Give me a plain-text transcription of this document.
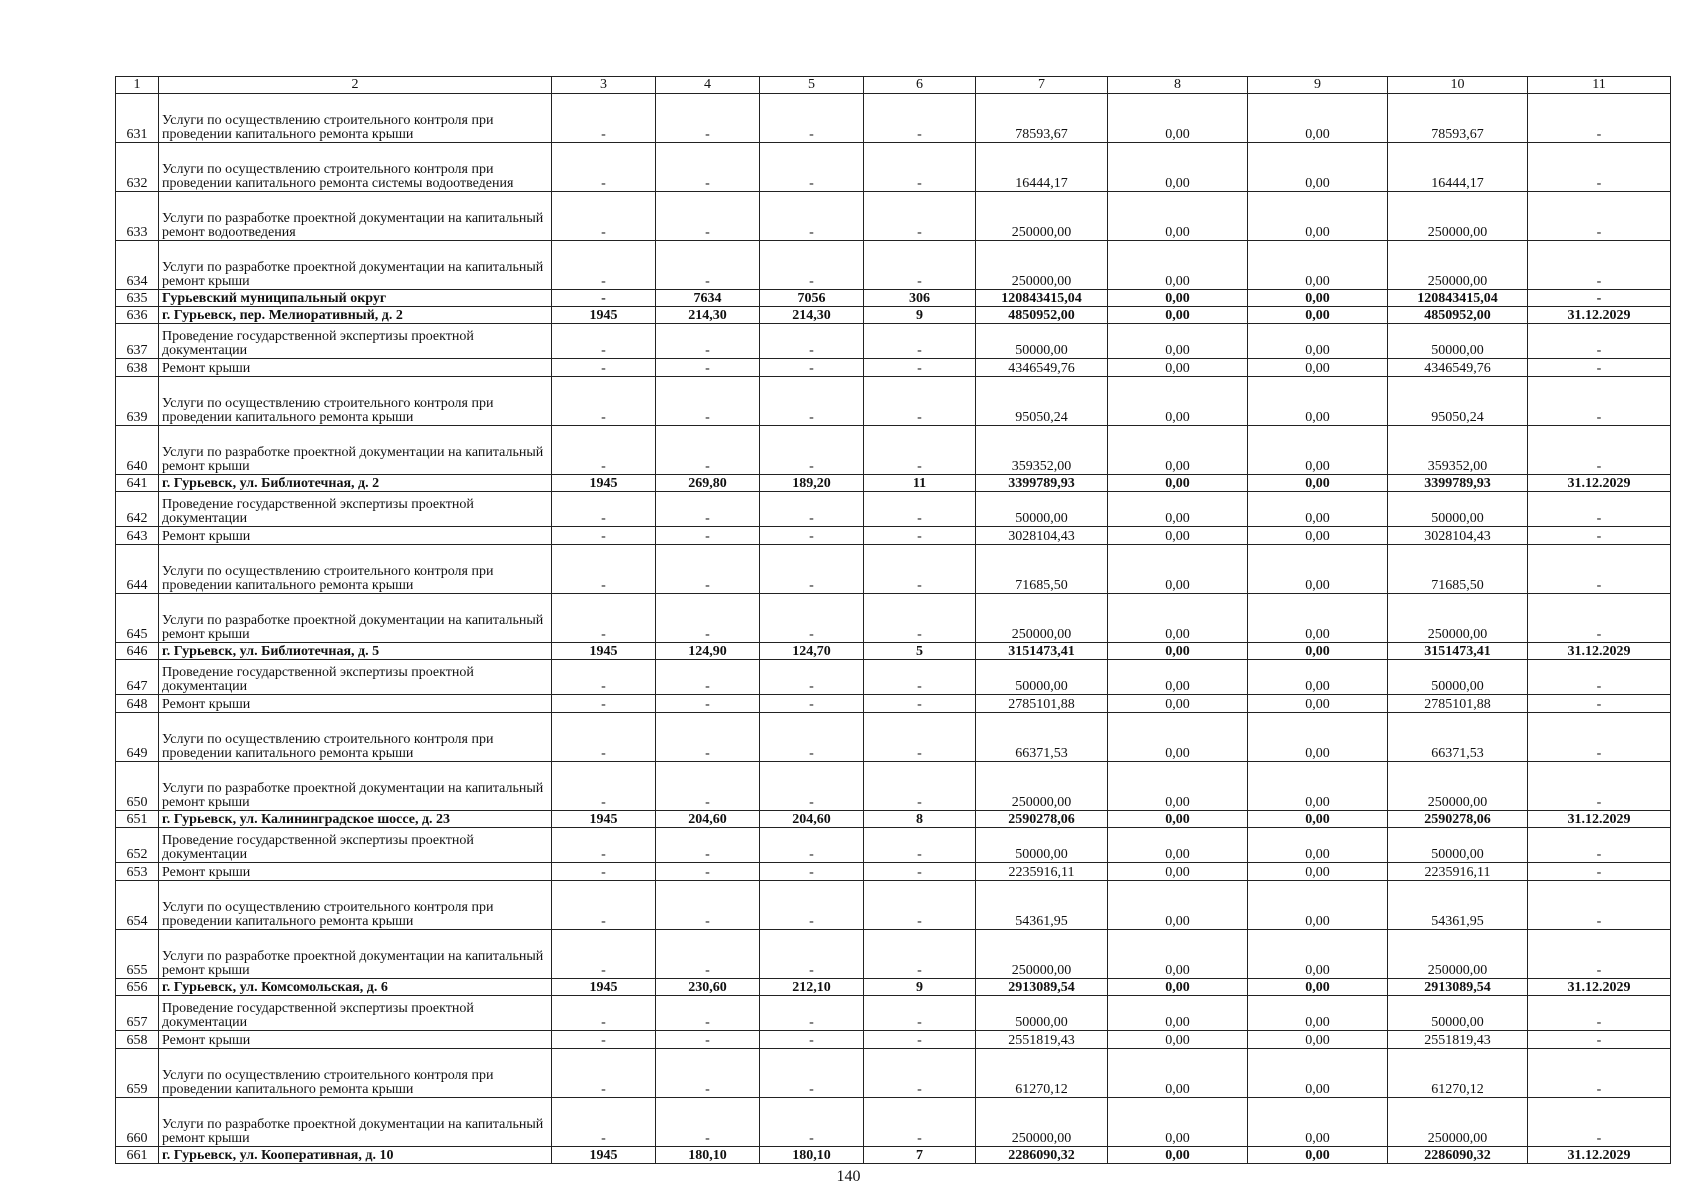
1	2	3	4	5	6	7	8	9	10	11
631	Услуги по осуществлению строительного контроля при проведении капитального ремонта крыши	-	-	-	-	78593,67	0,00	0,00	78593,67	-
632	Услуги по осуществлению строительного контроля при проведении капитального ремонта системы водоотведения	-	-	-	-	16444,17	0,00	0,00	16444,17	-
633	Услуги по разработке проектной документации на капитальный ремонт водоотведения	-	-	-	-	250000,00	0,00	0,00	250000,00	-
634	Услуги по разработке проектной документации на капитальный ремонт крыши	-	-	-	-	250000,00	0,00	0,00	250000,00	-
635	Гурьевский муниципальный округ	-	7634	7056	306	120843415,04	0,00	0,00	120843415,04	-
636	г. Гурьевск, пер. Мелиоративный, д. 2	1945	214,30	214,30	9	4850952,00	0,00	0,00	4850952,00	31.12.2029
637	Проведение государственной экспертизы проектной документации	-	-	-	-	50000,00	0,00	0,00	50000,00	-
638	Ремонт крыши	-	-	-	-	4346549,76	0,00	0,00	4346549,76	-
639	Услуги по осуществлению строительного контроля при проведении капитального ремонта крыши	-	-	-	-	95050,24	0,00	0,00	95050,24	-
640	Услуги по разработке проектной документации на капитальный ремонт крыши	-	-	-	-	359352,00	0,00	0,00	359352,00	-
641	г. Гурьевск, ул. Библиотечная, д. 2	1945	269,80	189,20	11	3399789,93	0,00	0,00	3399789,93	31.12.2029
642	Проведение государственной экспертизы проектной документации	-	-	-	-	50000,00	0,00	0,00	50000,00	-
643	Ремонт крыши	-	-	-	-	3028104,43	0,00	0,00	3028104,43	-
644	Услуги по осуществлению строительного контроля при проведении капитального ремонта крыши	-	-	-	-	71685,50	0,00	0,00	71685,50	-
645	Услуги по разработке проектной документации на капитальный ремонт крыши	-	-	-	-	250000,00	0,00	0,00	250000,00	-
646	г. Гурьевск, ул. Библиотечная, д. 5	1945	124,90	124,70	5	3151473,41	0,00	0,00	3151473,41	31.12.2029
647	Проведение государственной экспертизы проектной документации	-	-	-	-	50000,00	0,00	0,00	50000,00	-
648	Ремонт крыши	-	-	-	-	2785101,88	0,00	0,00	2785101,88	-
649	Услуги по осуществлению строительного контроля при проведении капитального ремонта крыши	-	-	-	-	66371,53	0,00	0,00	66371,53	-
650	Услуги по разработке проектной документации на капитальный ремонт крыши	-	-	-	-	250000,00	0,00	0,00	250000,00	-
651	г. Гурьевск, ул. Калининградское шоссе, д. 23	1945	204,60	204,60	8	2590278,06	0,00	0,00	2590278,06	31.12.2029
652	Проведение государственной экспертизы проектной документации	-	-	-	-	50000,00	0,00	0,00	50000,00	-
653	Ремонт крыши	-	-	-	-	2235916,11	0,00	0,00	2235916,11	-
654	Услуги по осуществлению строительного контроля при проведении капитального ремонта крыши	-	-	-	-	54361,95	0,00	0,00	54361,95	-
655	Услуги по разработке проектной документации на капитальный ремонт крыши	-	-	-	-	250000,00	0,00	0,00	250000,00	-
656	г. Гурьевск, ул. Комсомольская, д. 6	1945	230,60	212,10	9	2913089,54	0,00	0,00	2913089,54	31.12.2029
657	Проведение государственной экспертизы проектной документации	-	-	-	-	50000,00	0,00	0,00	50000,00	-
658	Ремонт крыши	-	-	-	-	2551819,43	0,00	0,00	2551819,43	-
659	Услуги по осуществлению строительного контроля при проведении капитального ремонта крыши	-	-	-	-	61270,12	0,00	0,00	61270,12	-
660	Услуги по разработке проектной документации на капитальный ремонт крыши	-	-	-	-	250000,00	0,00	0,00	250000,00	-
661	г. Гурьевск, ул. Кооперативная, д. 10	1945	180,10	180,10	7	2286090,32	0,00	0,00	2286090,32	31.12.2029
140
